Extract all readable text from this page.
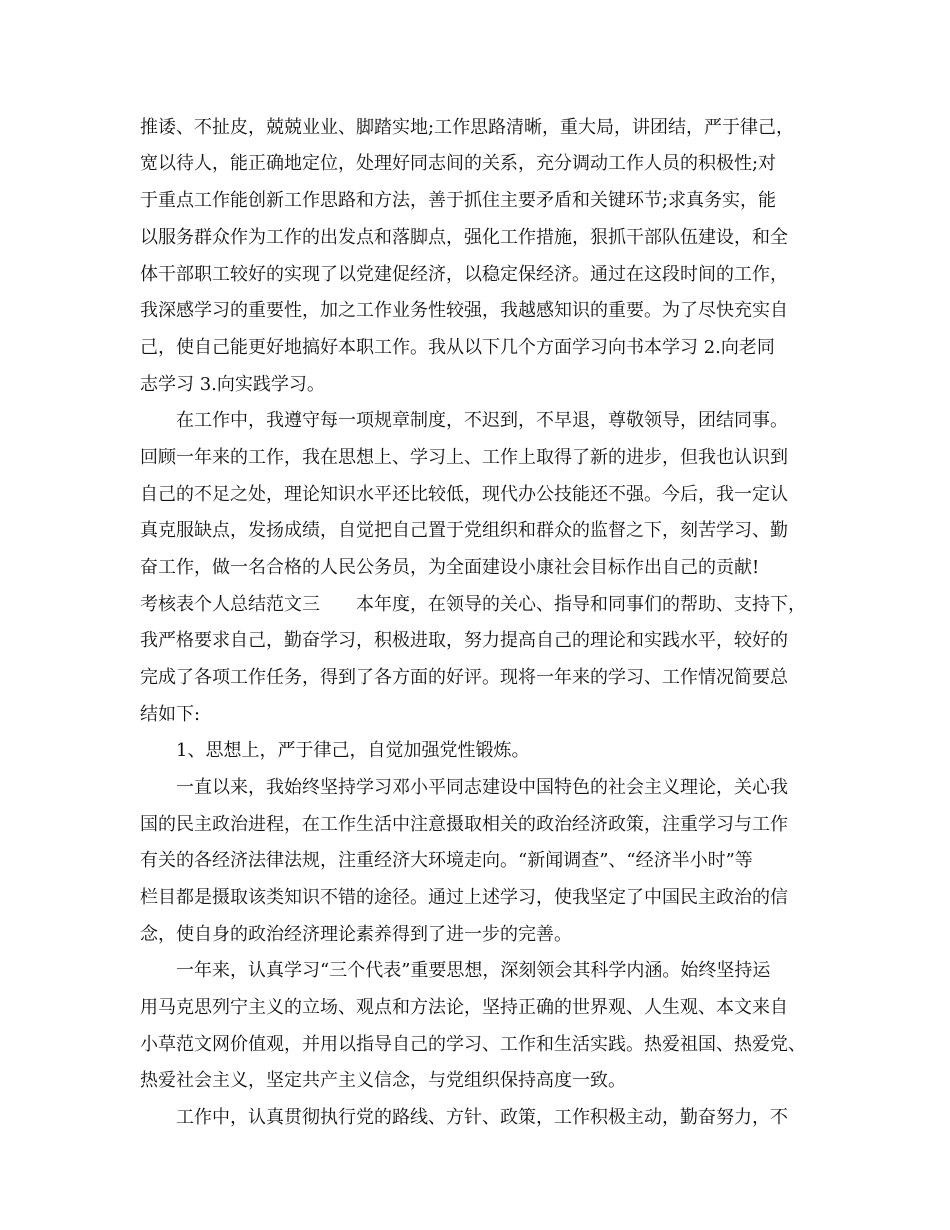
推诿、不扯皮，兢兢业业、脚踏实地;工作思路清晰，重大局，讲团结，严于律己，
宽以待人，能正确地定位，处理好同志间的关系，充分调动工作人员的积极性;对
于重点工作能创新工作思路和方法，善于抓住主要矛盾和关键环节;求真务实，能
以服务群众作为工作的出发点和落脚点，强化工作措施，狠抓干部队伍建设，和全
体干部职工较好的实现了以党建促经济，以稳定保经济。通过在这段时间的工作，
我深感学习的重要性，加之工作业务性较强，我越感知识的重要。为了尽快充实自
己，使自己能更好地搞好本职工作。我从以下几个方面学习向书本学习 2.向老同
志学习 3.向实践学习。
在工作中，我遵守每一项规章制度，不迟到，不早退，尊敬领导，团结同事。
回顾一年来的工作，我在思想上、学习上、工作上取得了新的进步，但我也认识到
自己的不足之处，理论知识水平还比较低，现代办公技能还不强。今后，我一定认
真克服缺点，发扬成绩，自觉把自己置于党组织和群众的监督之下，刻苦学习、勤
奋工作，做一名合格的人民公务员，为全面建设小康社会目标作出自己的贡献!
考核表个人总结范文三　　本年度，在领导的关心、指导和同事们的帮助、支持下，
我严格要求自己，勤奋学习，积极进取，努力提高自己的理论和实践水平，较好的
完成了各项工作任务，得到了各方面的好评。现将一年来的学习、工作情况简要总
结如下:
1、思想上，严于律己，自觉加强党性锻炼。
一直以来，我始终坚持学习邓小平同志建设中国特色的社会主义理论，关心我
国的民主政治进程，在工作生活中注意摄取相关的政治经济政策，注重学习与工作
有关的各经济法律法规，注重经济大环境走向。“新闻调查”、“经济半小时”等
栏目都是摄取该类知识不错的途径。通过上述学习，使我坚定了中国民主政治的信
念，使自身的政治经济理论素养得到了进一步的完善。
一年来，认真学习“三个代表”重要思想，深刻领会其科学内涵。始终坚持运
用马克思列宁主义的立场、观点和方法论，坚持正确的世界观、人生观、本文来自
小草范文网价值观，并用以指导自己的学习、工作和生活实践。热爱祖国、热爱党、
热爱社会主义，坚定共产主义信念，与党组织保持高度一致。
工作中，认真贯彻执行党的路线、方针、政策，工作积极主动，勤奋努力，不
